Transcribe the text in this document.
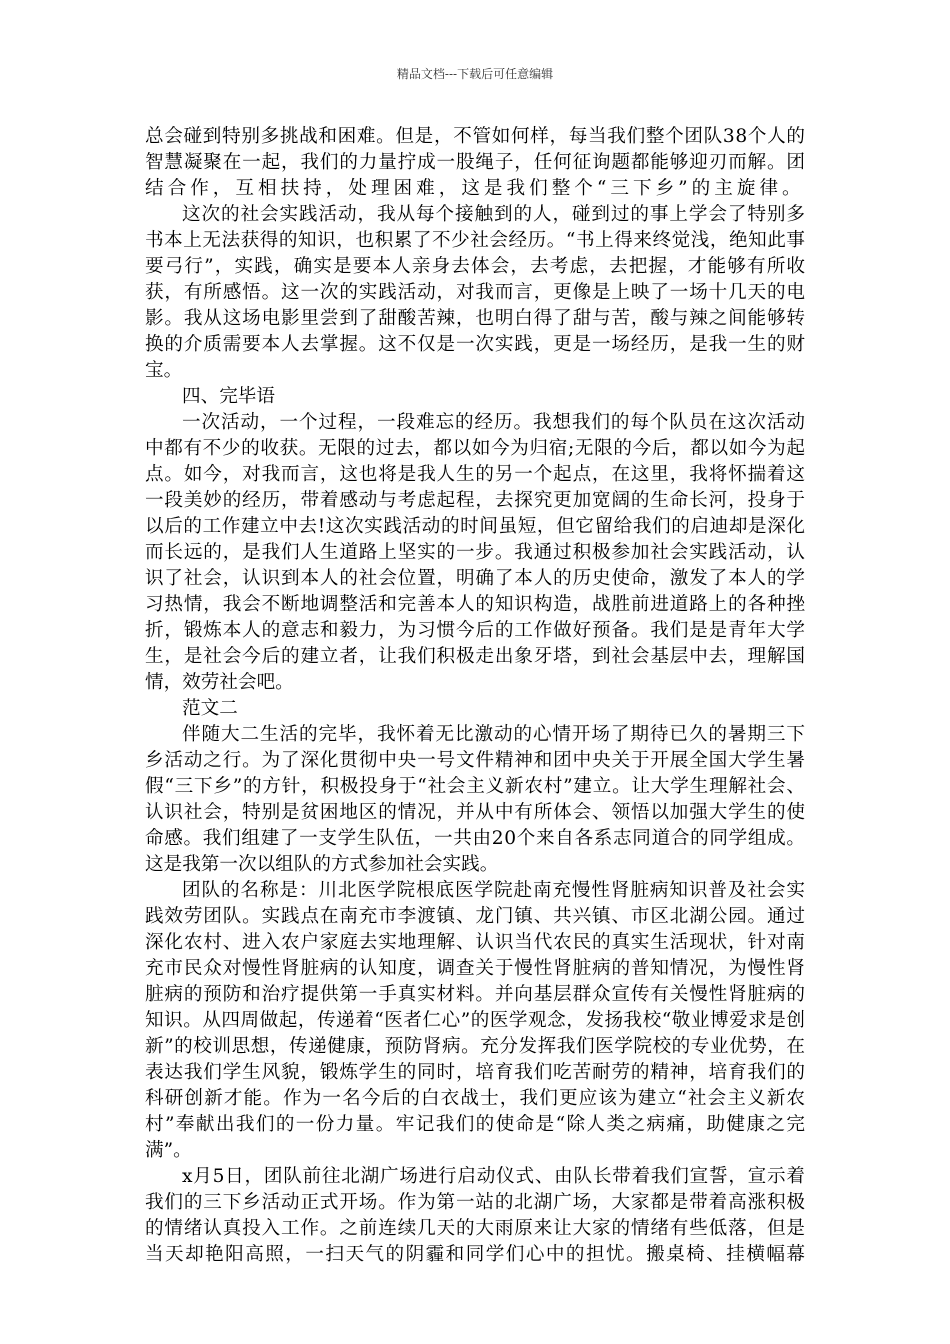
精品文档---下载后可任意编辑
总会碰到特别多挑战和困难。但是，不管如何样，每当我们整个团队38个人的
智慧凝聚在一起，我们的力量拧成一股绳子，任何征询题都能够迎刃而解。团
结合作，互相扶持，处理困难，这是我们整个“三下乡”的主旋律。
这次的社会实践活动，我从每个接触到的人，碰到过的事上学会了特别多
书本上无法获得的知识，也积累了不少社会经历。“书上得来终觉浅，绝知此事
要弓行”，实践，确实是要本人亲身去体会，去考虑，去把握，才能够有所收
获，有所感悟。这一次的实践活动，对我而言，更像是上映了一场十几天的电
影。我从这场电影里尝到了甜酸苦辣，也明白得了甜与苦，酸与辣之间能够转
换的介质需要本人去掌握。这不仅是一次实践，更是一场经历，是我一生的财
宝。
四、完毕语
一次活动，一个过程，一段难忘的经历。我想我们的每个队员在这次活动
中都有不少的收获。无限的过去，都以如今为归宿;无限的今后，都以如今为起
点。如今，对我而言，这也将是我人生的另一个起点，在这里，我将怀揣着这
一段美妙的经历，带着感动与考虑起程，去探究更加宽阔的生命长河，投身于
以后的工作建立中去!这次实践活动的时间虽短，但它留给我们的启迪却是深化
而长远的，是我们人生道路上坚实的一步。我通过积极参加社会实践活动，认
识了社会，认识到本人的社会位置，明确了本人的历史使命，激发了本人的学
习热情，我会不断地调整活和完善本人的知识构造，战胜前进道路上的各种挫
折，锻炼本人的意志和毅力，为习惯今后的工作做好预备。我们是是青年大学
生，是社会今后的建立者，让我们积极走出象牙塔，到社会基层中去，理解国
情，效劳社会吧。
范文二
伴随大二生活的完毕，我怀着无比激动的心情开场了期待已久的暑期三下
乡活动之行。为了深化贯彻中央一号文件精神和团中央关于开展全国大学生暑
假“三下乡”的方针，积极投身于“社会主义新农村”建立。让大学生理解社会、
认识社会，特别是贫困地区的情况，并从中有所体会、领悟以加强大学生的使
命感。我们组建了一支学生队伍，一共由20个来自各系志同道合的同学组成。
这是我第一次以组队的方式参加社会实践。
团队的名称是：川北医学院根底医学院赴南充慢性肾脏病知识普及社会实
践效劳团队。实践点在南充市李渡镇、龙门镇、共兴镇、市区北湖公园。通过
深化农村、进入农户家庭去实地理解、认识当代农民的真实生活现状，针对南
充市民众对慢性肾脏病的认知度，调查关于慢性肾脏病的普知情况，为慢性肾
脏病的预防和治疗提供第一手真实材料。并向基层群众宣传有关慢性肾脏病的
知识。从四周做起，传递着“医者仁心”的医学观念，发扬我校“敬业博爱求是创
新”的校训思想，传递健康，预防肾病。充分发挥我们医学院校的专业优势，在
表达我们学生风貌，锻炼学生的同时，培育我们吃苦耐劳的精神，培育我们的
科研创新才能。作为一名今后的白衣战士，我们更应该为建立“社会主义新农
村”奉献出我们的一份力量。牢记我们的使命是“除人类之病痛，助健康之完
满”。
x月5日，团队前往北湖广场进行启动仪式、由队长带着我们宣誓，宣示着
我们的三下乡活动正式开场。作为第一站的北湖广场，大家都是带着高涨积极
的情绪认真投入工作。之前连续几天的大雨原来让大家的情绪有些低落，但是
当天却艳阳高照，一扫天气的阴霾和同学们心中的担忧。搬桌椅、挂横幅幕
